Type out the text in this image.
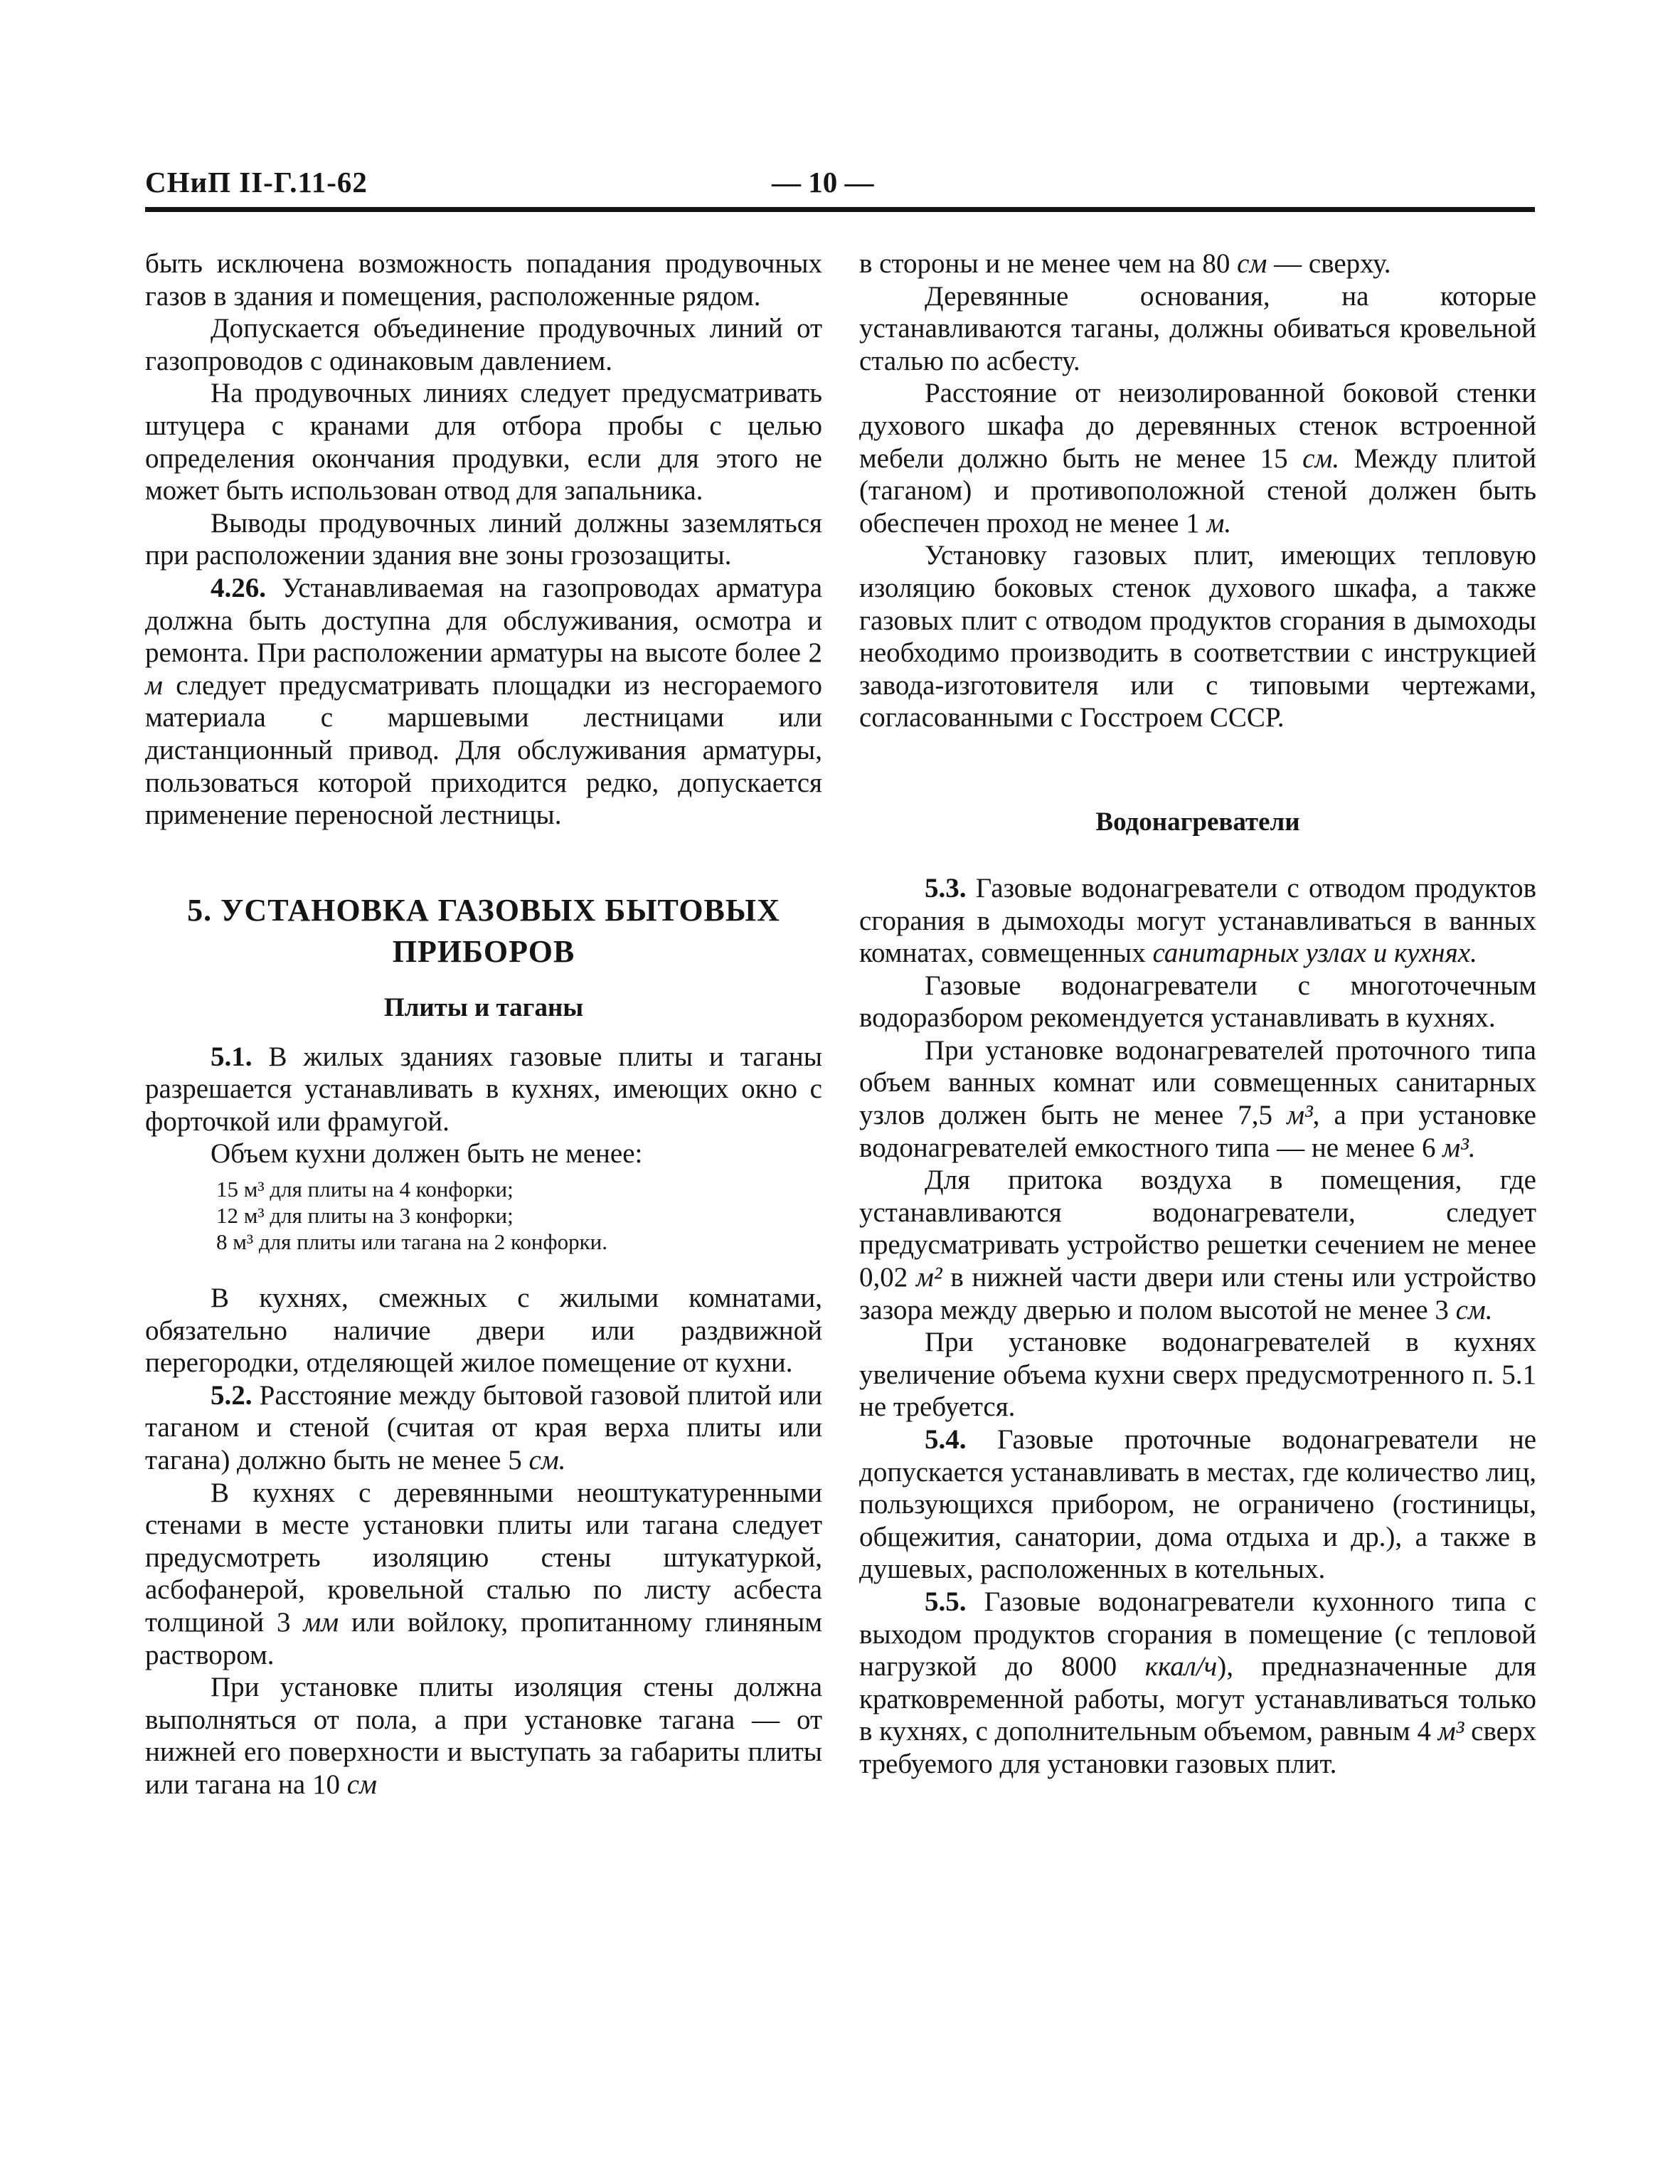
СНиП II-Г.11-62	— 10 —

быть исключена возможность попадания продувочных газов в здания и помещения, расположенные рядом.

Допускается объединение продувочных линий от газопроводов с одинаковым давлением.

На продувочных линиях следует предусматривать штуцера с кранами для отбора пробы с целью определения окончания продувки, если для этого не может быть использован отвод для запальника.

Выводы продувочных линий должны заземляться при расположении здания вне зоны грозозащиты.

4.26. Устанавливаемая на газопроводах арматура должна быть доступна для обслуживания, осмотра и ремонта. При расположении арматуры на высоте более 2 м следует предусматривать площадки из несгораемого материала с маршевыми лестницами или дистанционный привод. Для обслуживания арматуры, пользоваться которой приходится редко, допускается применение переносной лестницы.

5. УСТАНОВКА ГАЗОВЫХ БЫТОВЫХ ПРИБОРОВ
Плиты и таганы

5.1. В жилых зданиях газовые плиты и таганы разрешается устанавливать в кухнях, имеющих окно с форточкой или фрамугой.

Объем кухни должен быть не менее:

15 м³ для плиты на 4 конфорки;
12 м³ для плиты на 3 конфорки;
8 м³ для плиты или тагана на 2 конфорки.

В кухнях, смежных с жилыми комнатами, обязательно наличие двери или раздвижной перегородки, отделяющей жилое помещение от кухни.

5.2. Расстояние между бытовой газовой плитой или таганом и стеной (считая от края верха плиты или тагана) должно быть не менее 5 см.

В кухнях с деревянными неоштукатуренными стенами в месте установки плиты или тагана следует предусмотреть изоляцию стены штукатуркой, асбофанерой, кровельной сталью по листу асбеста толщиной 3 мм или войлоку, пропитанному глиняным раствором.

При установке плиты изоляция стены должна выполняться от пола, а при установке тагана — от нижней его поверхности и выступать за габариты плиты или тагана на 10 см

в стороны и не менее чем на 80 см — сверху.

Деревянные основания, на которые устанавливаются таганы, должны обиваться кровельной сталью по асбесту.

Расстояние от неизолированной боковой стенки духового шкафа до деревянных стенок встроенной мебели должно быть не менее 15 см. Между плитой (таганом) и противоположной стеной должен быть обеспечен проход не менее 1 м.

Установку газовых плит, имеющих тепловую изоляцию боковых стенок духового шкафа, а также газовых плит с отводом продуктов сгорания в дымоходы необходимо производить в соответствии с инструкцией завода-изготовителя или с типовыми чертежами, согласованными с Госстроем СССР.

Водонагреватели

5.3. Газовые водонагреватели с отводом продуктов сгорания в дымоходы могут устанавливаться в ванных комнатах, совмещенных санитарных узлах и кухнях.

Газовые водонагреватели с многоточечным водоразбором рекомендуется устанавливать в кухнях.

При установке водонагревателей проточного типа объем ванных комнат или совмещенных санитарных узлов должен быть не менее 7,5 м³, а при установке водонагревателей емкостного типа — не менее 6 м³.

Для притока воздуха в помещения, где устанавливаются водонагреватели, следует предусматривать устройство решетки сечением не менее 0,02 м² в нижней части двери или стены или устройство зазора между дверью и полом высотой не менее 3 см.

При установке водонагревателей в кухнях увеличение объема кухни сверх предусмотренного п. 5.1 не требуется.

5.4. Газовые проточные водонагреватели не допускается устанавливать в местах, где количество лиц, пользующихся прибором, не ограничено (гостиницы, общежития, санатории, дома отдыха и др.), а также в душевых, расположенных в котельных.

5.5. Газовые водонагреватели кухонного типа с выходом продуктов сгорания в помещение (с тепловой нагрузкой до 8000 ккал/ч), предназначенные для кратковременной работы, могут устанавливаться только в кухнях, с дополнительным объемом, равным 4 м³ сверх требуемого для установки газовых плит.
